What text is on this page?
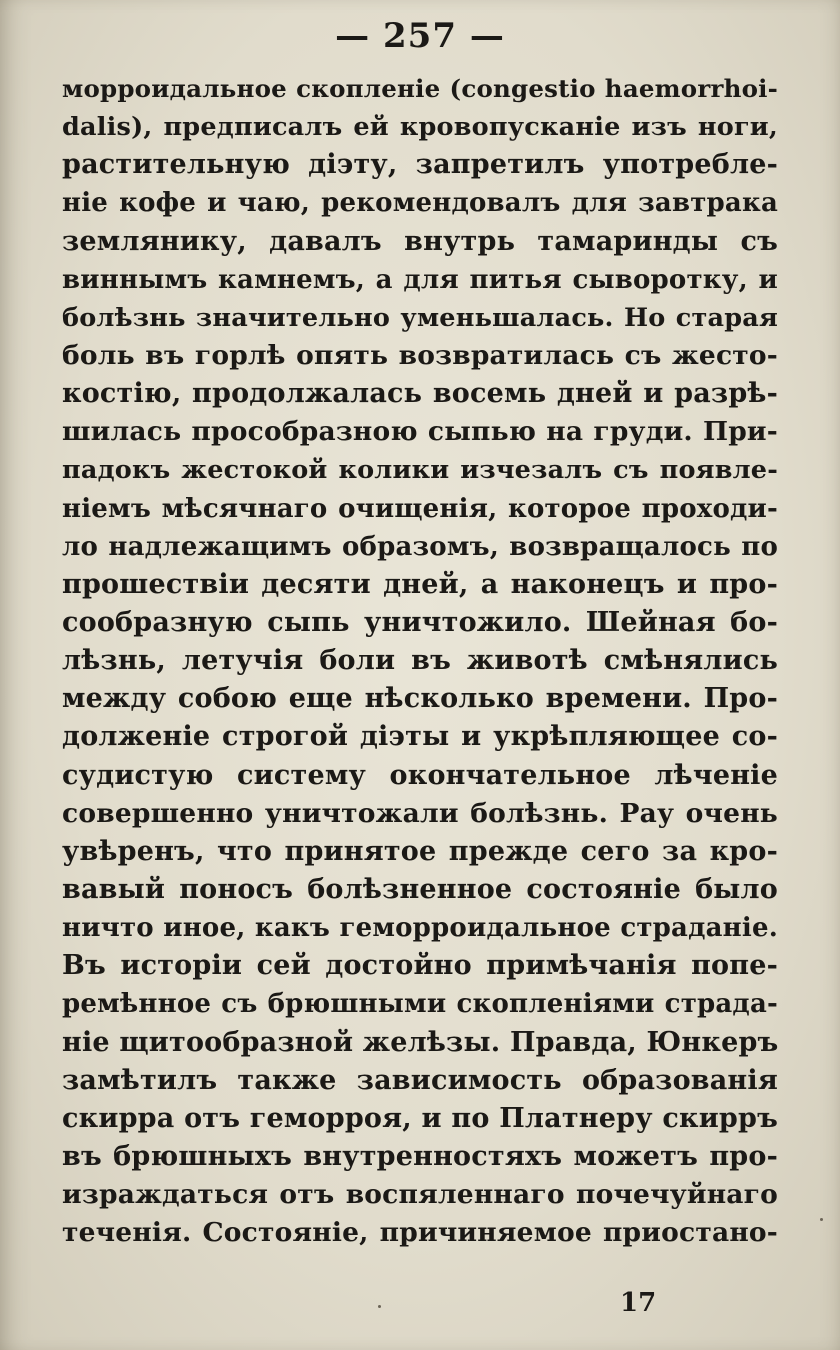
— 257 —
морроидальное скопленіе (congestio haemorrhoi-
dalis), предписалъ ей кровопусканіе изъ ноги,
растительную діэту, запретилъ употребле-
ніе кофе и чаю, рекомендовалъ для завтрака
землянику, давалъ внутрь тамаринды съ
виннымъ камнемъ, а для питья сыворотку, и
болѣзнь значительно уменьшалась. Но старая
боль въ горлѣ опять возвратилась съ жесто-
костію, продолжалась восемь дней и разрѣ-
шилась прособразною сыпью на груди. При-
падокъ жестокой колики изчезалъ съ появле-
ніемъ мѣсячнаго очищенія, которое проходи-
ло надлежащимъ образомъ, возвращалось по
прошествіи десяти дней, а наконецъ и про-
сообразную сыпь уничтожило. Шейная бо-
лѣзнь, летучія боли въ животѣ смѣнялись
между собою еще нѣсколько времени. Про-
долженіе строгой діэты и укрѣпляющее со-
судистую систему окончательное лѣченіе
совершенно уничтожали болѣзнь. Рау очень
увѣренъ, что принятое прежде сего за кро-
вавый поносъ болѣзненное состояніе было
ничто иное, какъ геморроидальное страданіе.
Въ исторіи сей достойно примѣчанія попе-
ремѣнное съ брюшными скопленіями страда-
ніе щитообразной желѣзы. Правда, Юнкеръ
замѣтилъ также зависимость образованія
скирра отъ геморроя, и по Платнеру скирръ
въ брюшныхъ внутренностяхъ можетъ про-
израждаться отъ воспяленнаго почечуйнаго
теченія. Состояніе, причиняемое приостано-
17
